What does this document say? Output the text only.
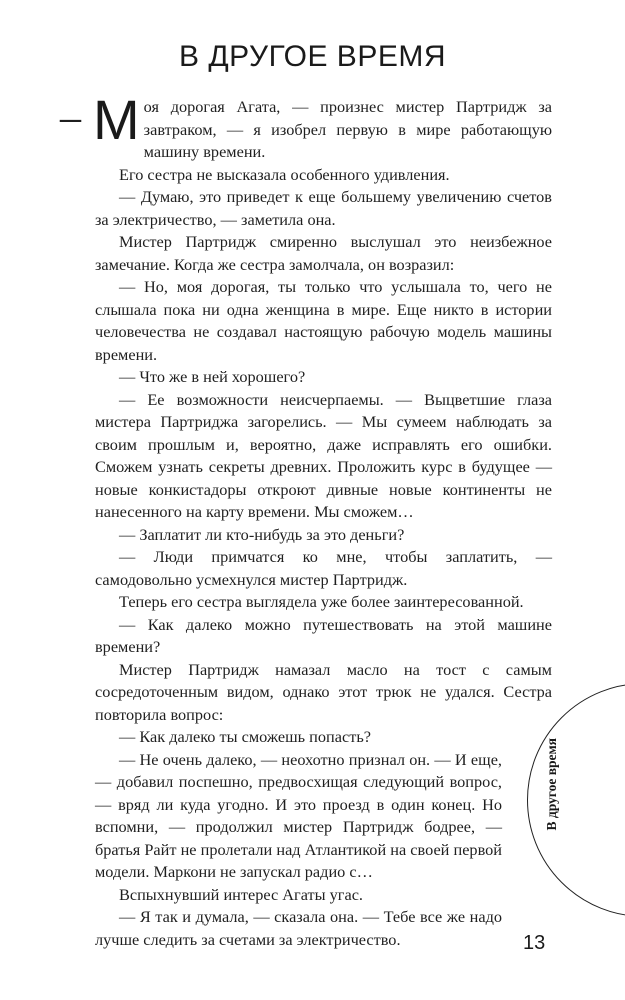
В ДРУГОЕ ВРЕМЯ
– Моя дорогая Агата, — произнес мистер Партридж за завтраком, — я изобрел первую в мире работающую машину времени.

Его сестра не высказала особенного удивления.

— Думаю, это приведет к еще большему увеличению счетов за электричество, — заметила она.

Мистер Партридж смиренно выслушал это неизбежное замечание. Когда же сестра замолчала, он возразил:

— Но, моя дорогая, ты только что услышала то, чего не слышала пока ни одна женщина в мире. Еще никто в истории человечества не создавал настоящую рабочую модель машины времени.

— Что же в ней хорошего?

— Ее возможности неисчерпаемы. — Выцветшие глаза мистера Партриджа загорелись. — Мы сумеем наблюдать за своим прошлым и, вероятно, даже исправлять его ошибки. Сможем узнать секреты древних. Проложить курс в будущее — новые конкистадоры откроют дивные новые континенты не нанесенного на карту времени. Мы сможем…

— Заплатит ли кто-нибудь за это деньги?

— Люди примчатся ко мне, чтобы заплатить, — самодовольно усмехнулся мистер Партридж.

Теперь его сестра выглядела уже более заинтересованной.

— Как далеко можно путешествовать на этой машине времени?

Мистер Партридж намазал масло на тост с самым сосредоточенным видом, однако этот трюк не удался. Сестра повторила вопрос:

— Как далеко ты сможешь попасть?

— Не очень далеко, — неохотно признал он. — И еще, — добавил поспешно, предвосхищая следующий вопрос, — вряд ли куда угодно. И это проезд в один конец. Но вспомни, — продолжил мистер Партридж бодрее, — братья Райт не пролетали над Атлантикой на своей первой модели. Маркони не запускал радио с…

Вспыхнувший интерес Агаты угас.

— Я так и думала, — сказала она. — Тебе все же надо лучше следить за счетами за электричество.

В другое время
13
